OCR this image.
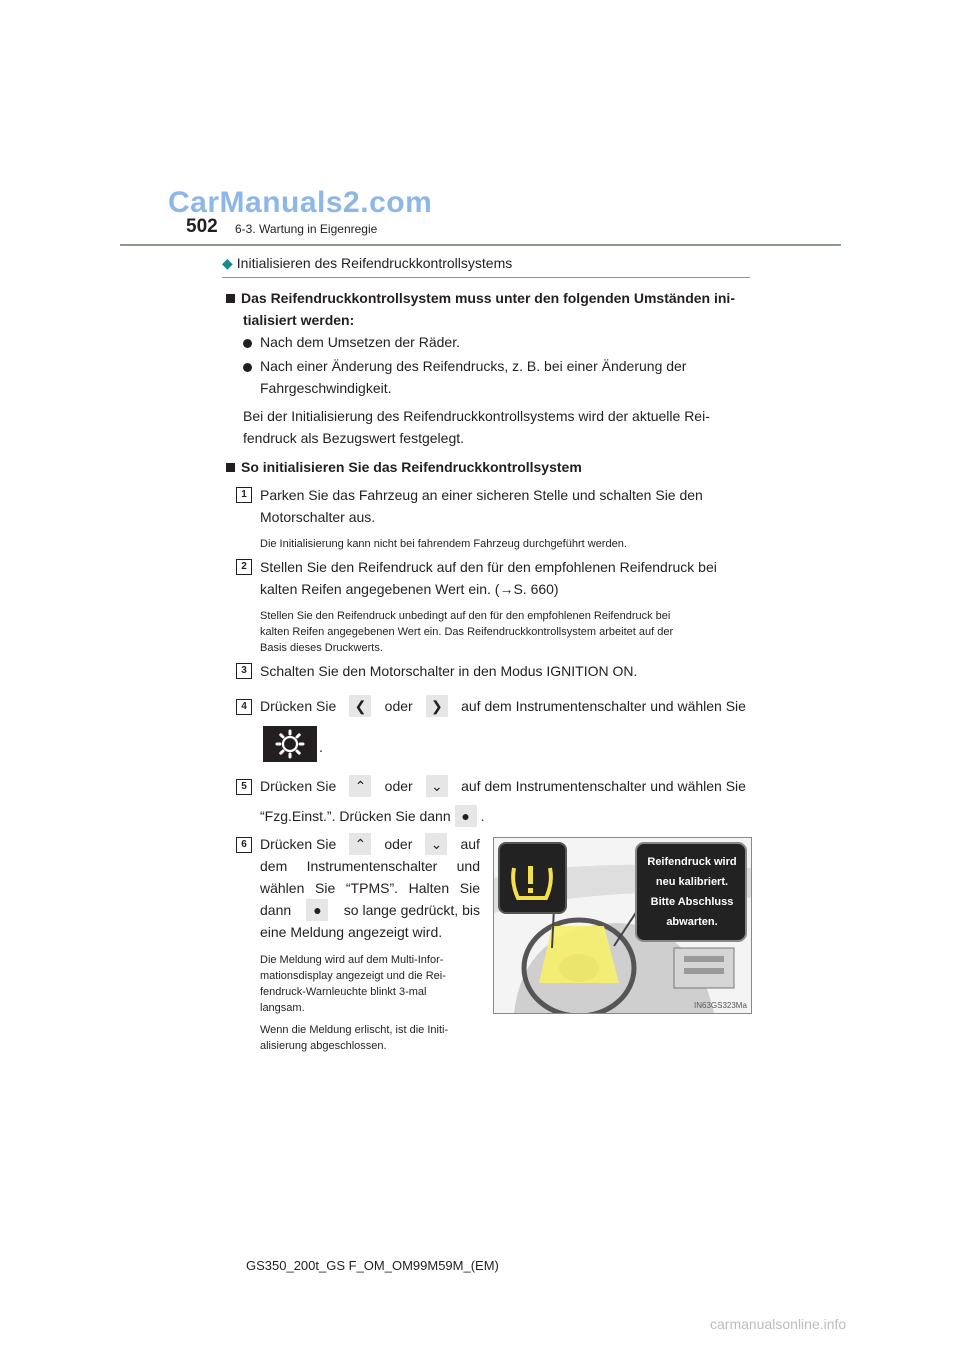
CarManuals2.com
502 6-3. Wartung in Eigenregie
◆ Initialisieren des Reifendruckkontrollsystems
Das Reifendruckkontrollsystem muss unter den folgenden Umständen ini-
tialisiert werden:
Nach dem Umsetzen der Räder.
Nach einer Änderung des Reifendrucks, z. B. bei einer Änderung der
Fahrgeschwindigkeit.
Bei der Initialisierung des Reifendruckkontrollsystems wird der aktuelle Rei-
fendruck als Bezugswert festgelegt.
So initialisieren Sie das Reifendruckkontrollsystem
1 Parken Sie das Fahrzeug an einer sicheren Stelle und schalten Sie den
Motorschalter aus.
Die Initialisierung kann nicht bei fahrendem Fahrzeug durchgeführt werden.
2 Stellen Sie den Reifendruck auf den für den empfohlenen Reifendruck bei
kalten Reifen angegebenen Wert ein. (→S. 660)
Stellen Sie den Reifendruck unbedingt auf den für den empfohlenen Reifendruck bei
kalten Reifen angegebenen Wert ein. Das Reifendruckkontrollsystem arbeitet auf der
Basis dieses Druckwerts.
3 Schalten Sie den Motorschalter in den Modus IGNITION ON.
4 Drücken Sie	❮	oder	❯	auf dem Instrumentenschalter und wählen Sie
.
5 Drücken Sie	⌃	oder	⌄	auf dem Instrumentenschalter und wählen Sie
“Fzg.Einst.”. Drücken Sie dann ● .
6 Drücken Sie	⌃	oder	⌄	auf
dem Instrumentenschalter und
wählen Sie “TPMS”. Halten Sie
dann	●	so lange gedrückt, bis
eine Meldung angezeigt wird.
Die Meldung wird auf dem Multi-Infor-
mationsdisplay angezeigt und die Rei-
fendruck-Warnleuchte blinkt 3-mal
langsam.
Wenn die Meldung erlischt, ist die Initi-
alisierung abgeschlossen.
Reifendruck wird
neu kalibriert.
Bitte Abschluss
abwarten.
IN63GS323Ma
GS350_200t_GS F_OM_OM99M59M_(EM)
carmanualsonline.info
